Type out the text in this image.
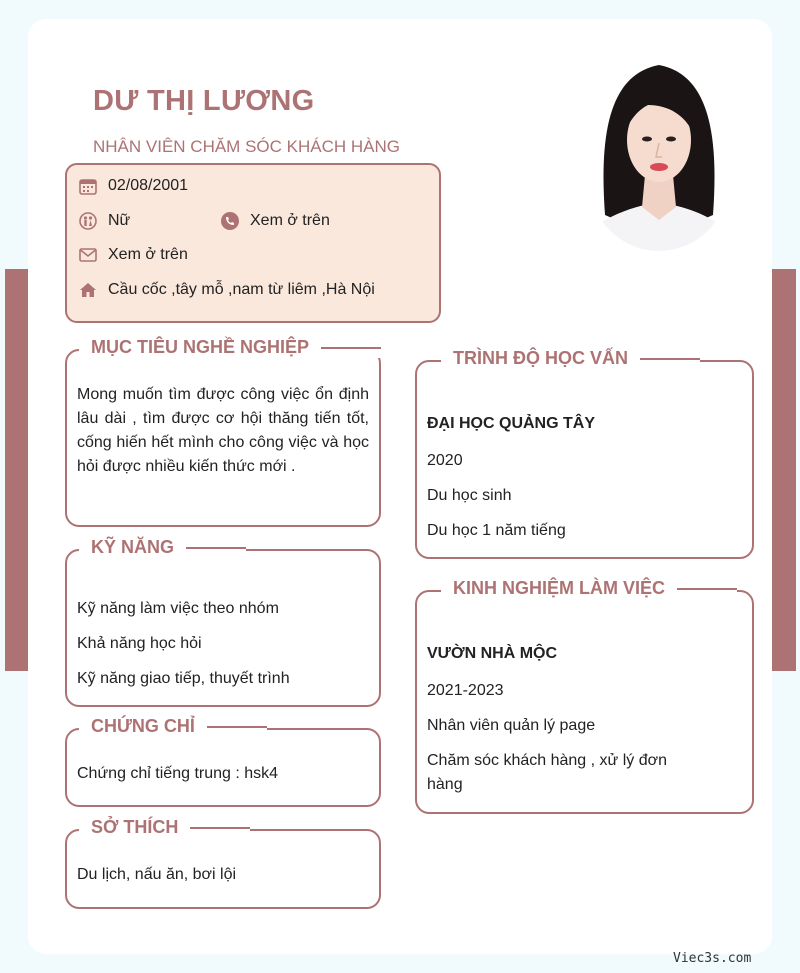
DƯ THỊ LƯƠNG
NHÂN VIÊN CHĂM SÓC KHÁCH HÀNG
02/08/2001
Nữ	Xem ở trên
Xem ở trên
Cầu cốc ,tây mỗ ,nam từ liêm ,Hà Nội
MỤC TIÊU NGHỀ NGHIỆP

Mong muốn tìm được công việc ổn định lâu dài , tìm được cơ hội thăng tiến tốt, cống hiến hết mình cho công việc và học hỏi được nhiều kiến thức mới .

KỸ NĂNG

Kỹ năng làm việc theo nhóm

Khả năng học hỏi

Kỹ năng giao tiếp, thuyết trình

CHỨNG CHỈ

Chứng chỉ tiếng trung : hsk4

SỞ THÍCH

Du lịch, nấu ăn, bơi lội

TRÌNH ĐỘ HỌC VẤN

ĐẠI HỌC QUẢNG TÂY

2020

Du học sinh

Du học 1 năm tiếng

KINH NGHIỆM LÀM VIỆC

VƯỜN NHÀ MỘC

2021-2023

Nhân viên quản lý page

Chăm sóc khách hàng , xử lý đơn hàng

Viec3s.com
